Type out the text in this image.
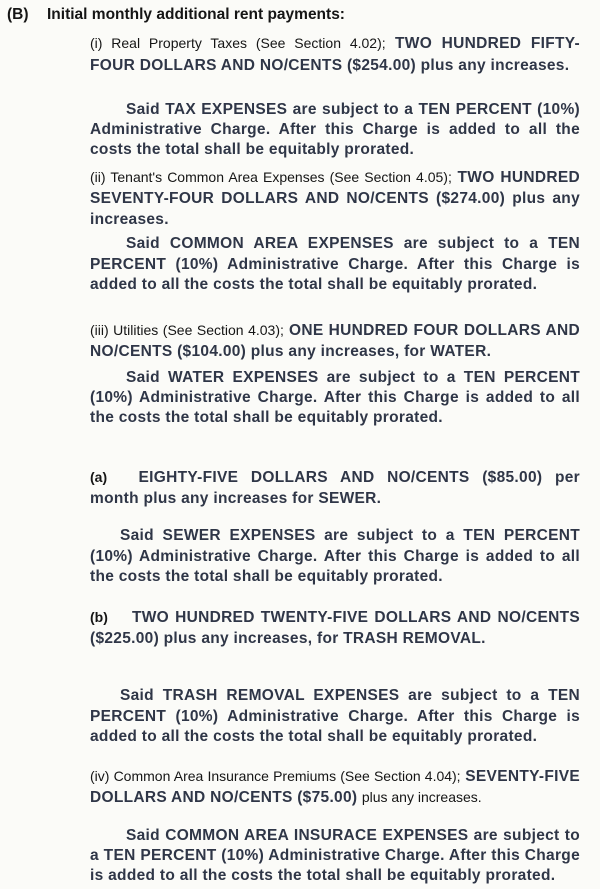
(B) Initial monthly additional rent payments:

(i) Real Property Taxes (See Section 4.02); TWO HUNDRED FIFTY-FOUR DOLLARS AND NO/CENTS ($254.00) plus any increases.

Said TAX EXPENSES are subject to a TEN PERCENT (10%) Administrative Charge. After this Charge is added to all the costs the total shall be equitably prorated.

(ii) Tenant's Common Area Expenses (See Section 4.05); TWO HUNDRED SEVENTY-FOUR DOLLARS AND NO/CENTS ($274.00) plus any increases.

Said COMMON AREA EXPENSES are subject to a TEN PERCENT (10%) Administrative Charge. After this Charge is added to all the costs the total shall be equitably prorated.

(iii) Utilities (See Section 4.03); ONE HUNDRED FOUR DOLLARS AND NO/CENTS ($104.00) plus any increases, for WATER.

Said WATER EXPENSES are subject to a TEN PERCENT (10%) Administrative Charge. After this Charge is added to all the costs the total shall be equitably prorated.

(a) EIGHTY-FIVE DOLLARS AND NO/CENTS ($85.00) per month plus any increases for SEWER.

Said SEWER EXPENSES are subject to a TEN PERCENT (10%) Administrative Charge. After this Charge is added to all the costs the total shall be equitably prorated.

(b) TWO HUNDRED TWENTY-FIVE DOLLARS AND NO/CENTS ($225.00) plus any increases, for TRASH REMOVAL.

Said TRASH REMOVAL EXPENSES are subject to a TEN PERCENT (10%) Administrative Charge. After this Charge is added to all the costs the total shall be equitably prorated.

(iv) Common Area Insurance Premiums (See Section 4.04); SEVENTY-FIVE DOLLARS AND NO/CENTS ($75.00) plus any increases.

Said COMMON AREA INSURACE EXPENSES are subject to a TEN PERCENT (10%) Administrative Charge. After this Charge is added to all the costs the total shall be equitably prorated.
